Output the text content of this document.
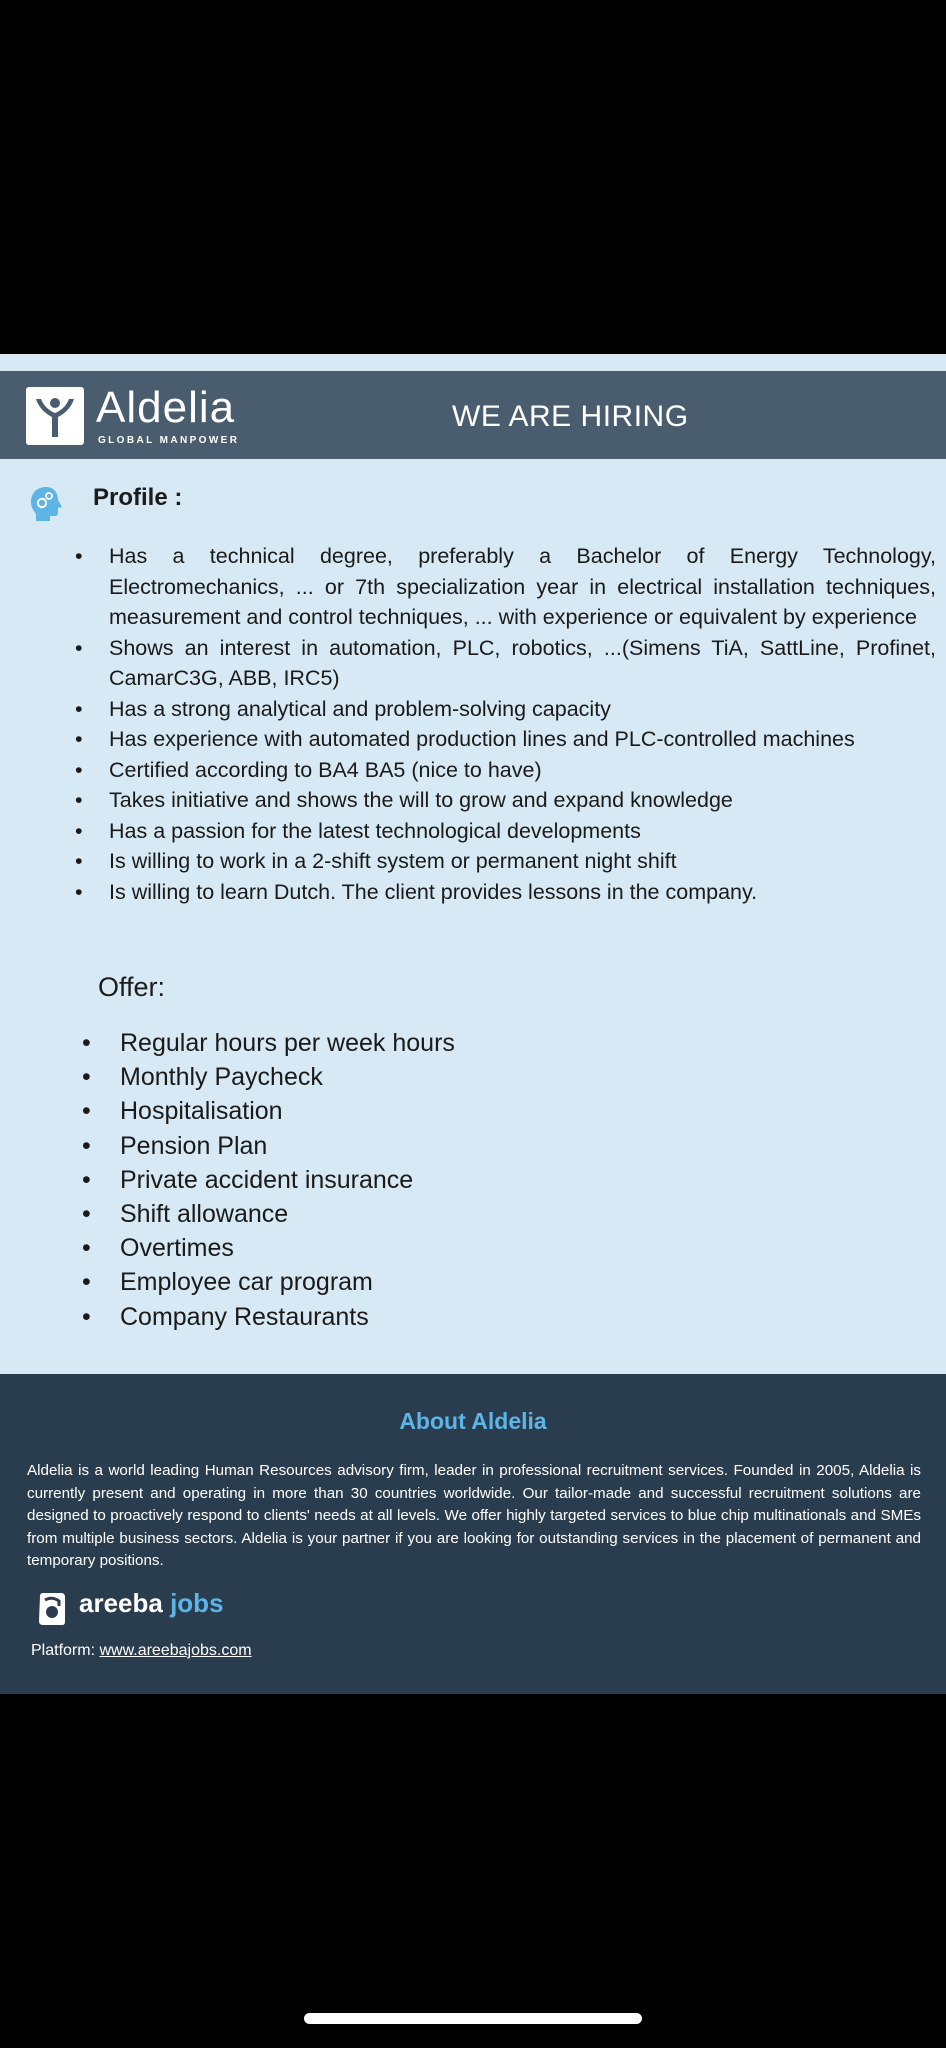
Aldelia
GLOBAL MANPOWER
WE ARE HIRING
Profile :
• Has a technical degree, preferably a Bachelor of Energy Technology, Electromechanics, ... or 7th specialization year in electrical installation techniques, measurement and control techniques, ... with experience or equivalent by experience
• Shows an interest in automation, PLC, robotics, ...(Simens TiA, SattLine, Profinet, CamarC3G, ABB, IRC5)
• Has a strong analytical and problem-solving capacity
• Has experience with automated production lines and PLC-controlled machines
• Certified according to BA4 BA5 (nice to have)
• Takes initiative and shows the will to grow and expand knowledge
• Has a passion for the latest technological developments
• Is willing to work in a 2-shift system or permanent night shift
• Is willing to learn Dutch. The client provides lessons in the company.
Offer:
• Regular hours per week hours
• Monthly Paycheck
• Hospitalisation
• Pension Plan
• Private accident insurance
• Shift allowance
• Overtimes
• Employee car program
• Company Restaurants
About Aldelia
Aldelia is a world leading Human Resources advisory firm, leader in professional recruitment services. Founded in 2005, Aldelia is currently present and operating in more than 30 countries worldwide. Our tailor-made and successful recruitment solutions are designed to proactively respond to clients' needs at all levels. We offer highly targeted services to blue chip multinationals and SMEs from multiple business sectors. Aldelia is your partner if you are looking for outstanding services in the placement of permanent and temporary positions.
areeba jobs
Platform: www.areebajobs.com
